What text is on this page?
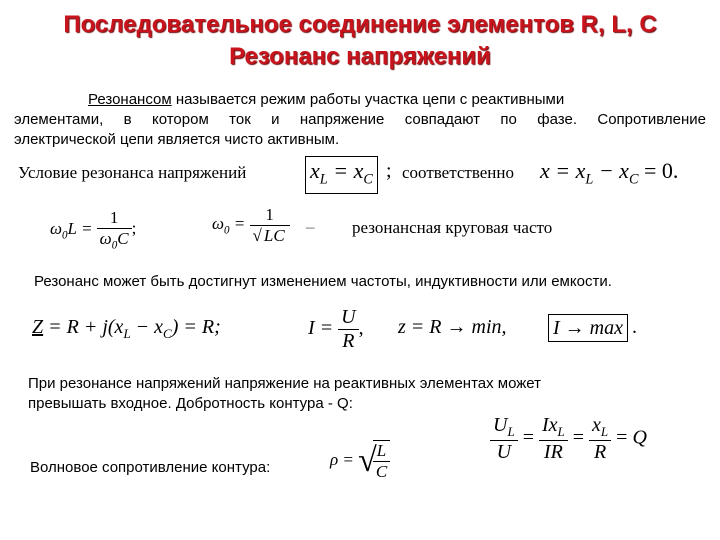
Последовательное соединение элементов R, L, C
Резонанс напряжений
Резонансом называется режим работы участка цепи с реактивными
элементами, в котором ток и напряжение совпадают по фазе. Сопротивление
электрической цепи является чисто активным.
Условие резонанса напряжений	$x_L = x_C$ ; соответственно $x = x_L - x_C = 0$.
$\omega_0L = \frac{1}{\omega_0C}$ ;	$\omega_0 = \frac{1}{√ LC}$ – резонансная круговая часто
Резонанс может быть достигнут изменением частоты, индуктивности или емкости.
$Z = R + j(x_L - x_C) = R$;	$I = \frac{U}{R}$ , z = R → min, I → max .
При резонансе напряжений напряжение на реактивных элементах может
превышать входное. Добротность контура - Q:
$\frac{U_L}{U} = \frac{Ix_L}{IR} = \frac{x_L}{R} = Q$
Волновое сопротивление контура:	ρ = √
$\frac{L}{C}$
